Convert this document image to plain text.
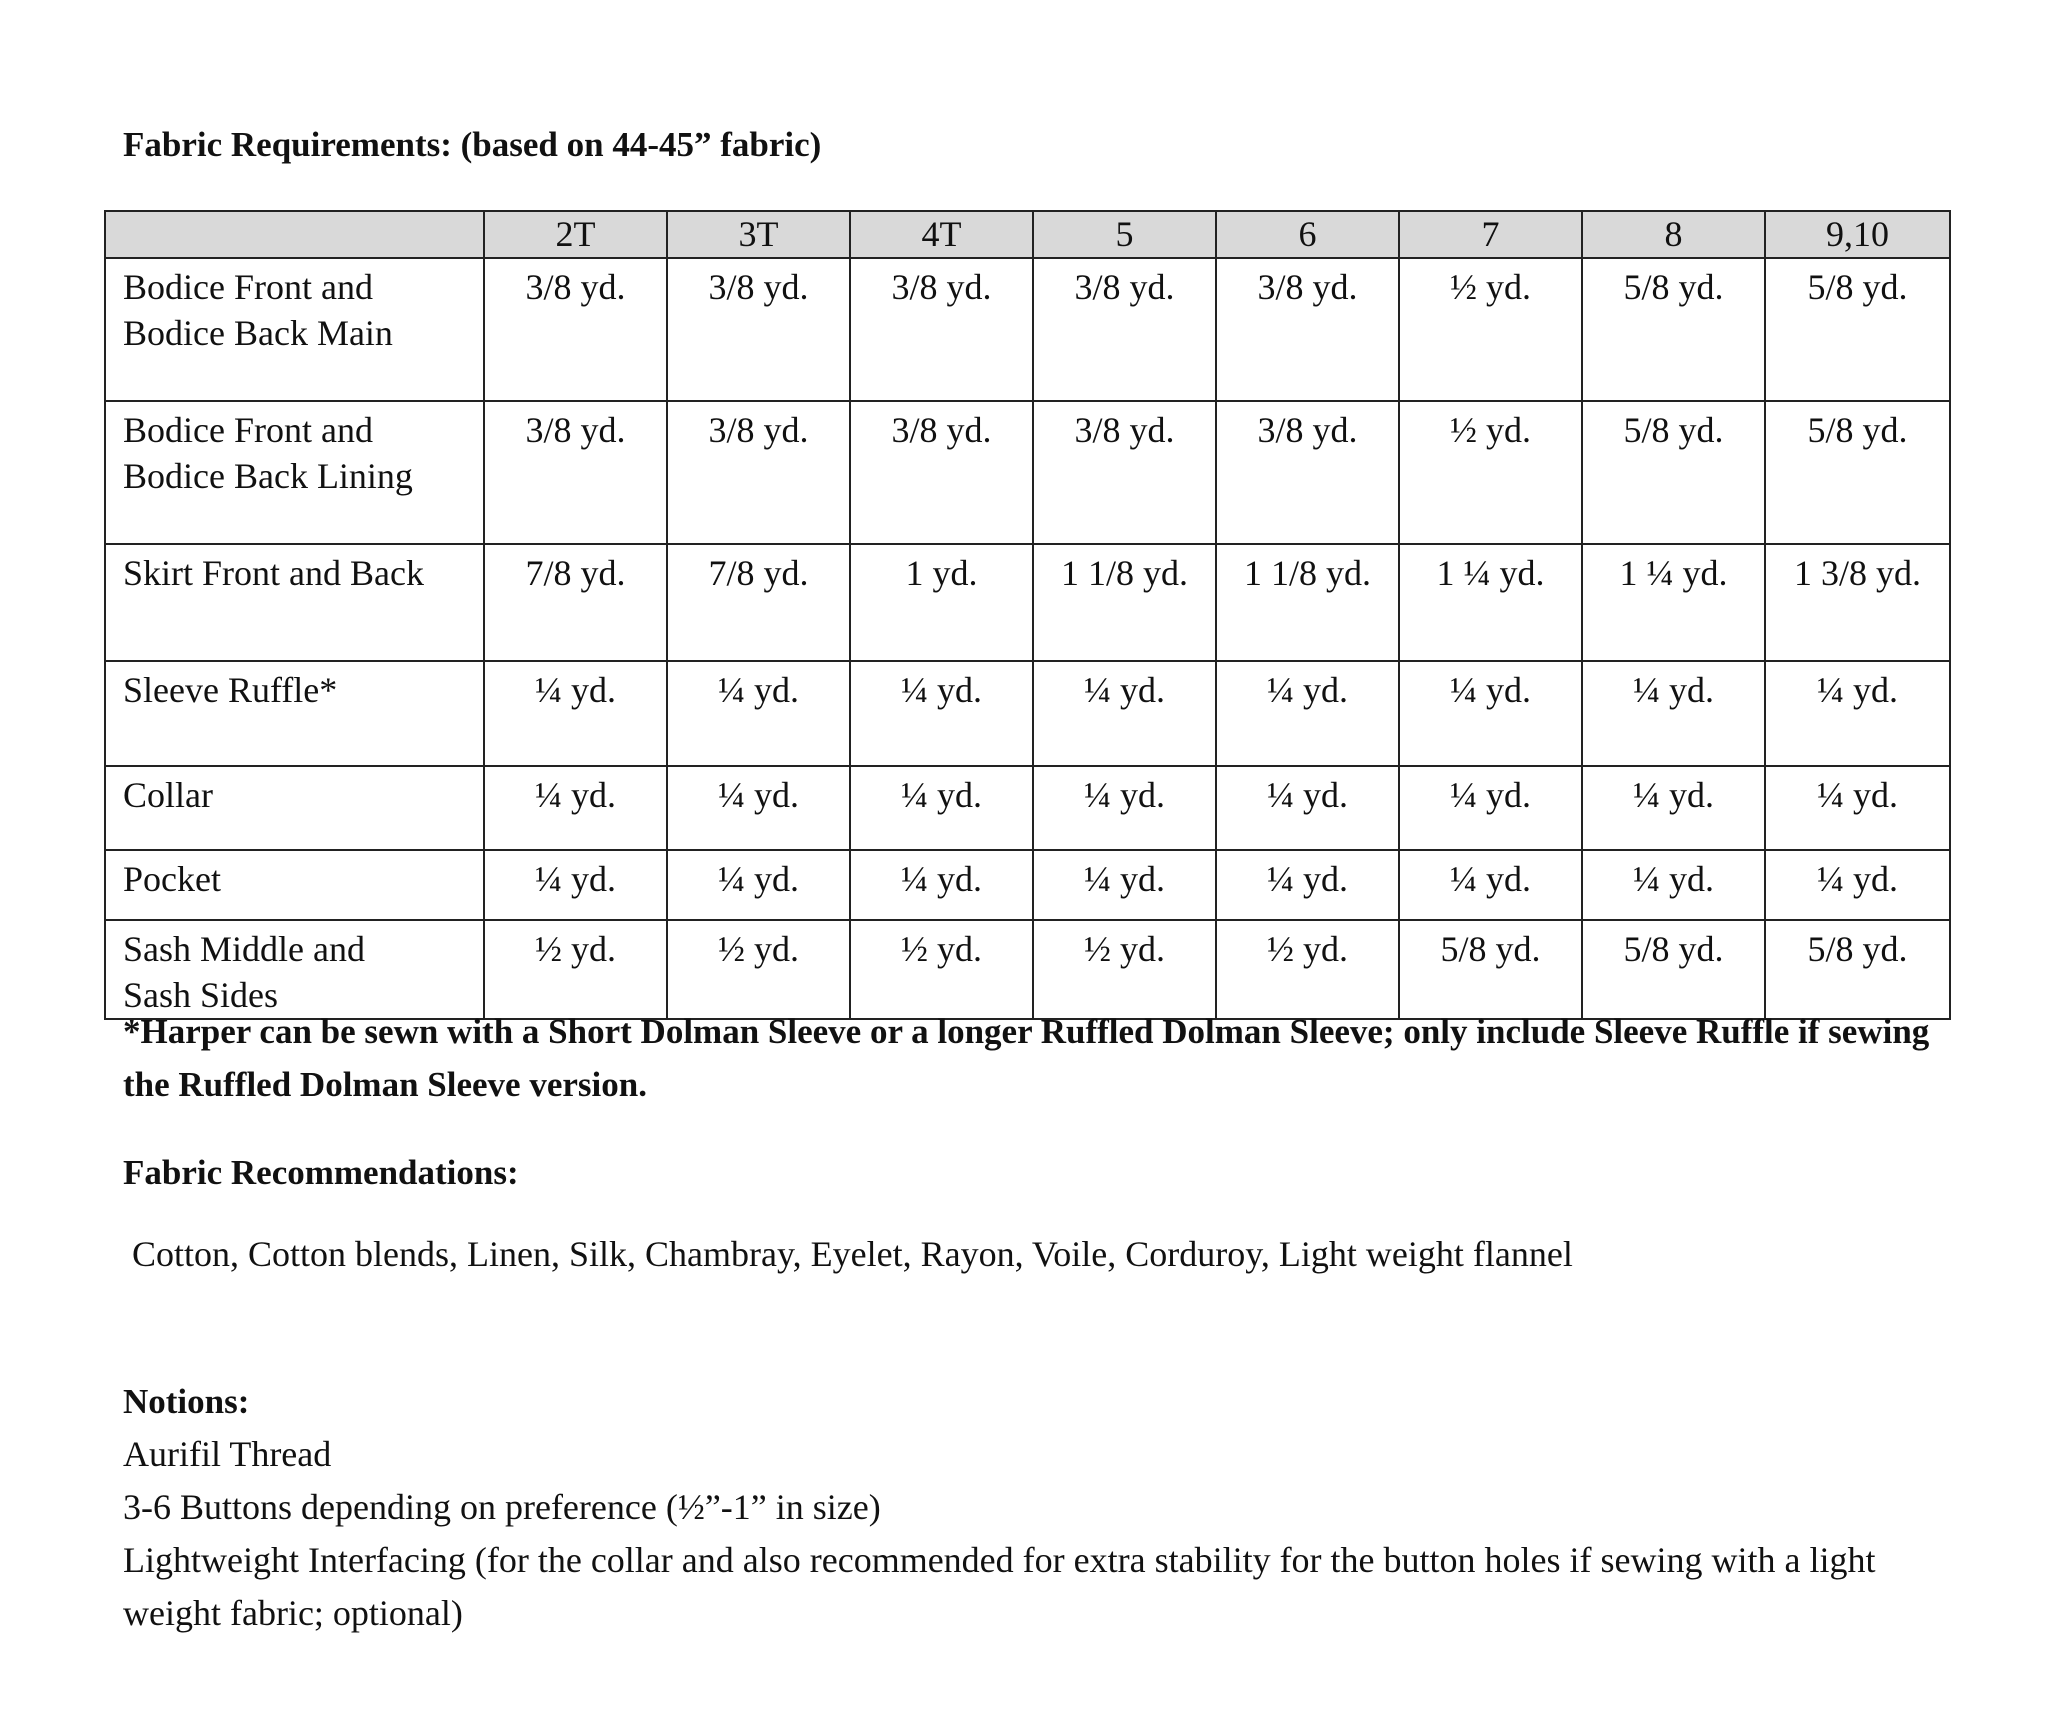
Fabric Requirements: (based on 44-45” fabric)
	2T	3T	4T	5	6	7	8	9,10

Bodice Front and
Bodice Back Main	3/8 yd.	3/8 yd.	3/8 yd.	3/8 yd.	3/8 yd.	½ yd.	5/8 yd.	5/8 yd.

Bodice Front and
Bodice Back Lining	3/8 yd.	3/8 yd.	3/8 yd.	3/8 yd.	3/8 yd.	½ yd.	5/8 yd.	5/8 yd.

Skirt Front and Back	7/8 yd.	7/8 yd.	1 yd.	1 1/8 yd.	1 1/8 yd.	1 ¼ yd.	1 ¼ yd.	1 3/8 yd.

Sleeve Ruffle*	¼ yd.	¼ yd.	¼ yd.	¼ yd.	¼ yd.	¼ yd.	¼ yd.	¼ yd.

Collar	¼ yd.	¼ yd.	¼ yd.	¼ yd.	¼ yd.	¼ yd.	¼ yd.	¼ yd.

Pocket	¼ yd.	¼ yd.	¼ yd.	¼ yd.	¼ yd.	¼ yd.	¼ yd.	¼ yd.

Sash Middle and
Sash Sides	½ yd.	½ yd.	½ yd.	½ yd.	½ yd.	5/8 yd.	5/8 yd.	5/8 yd.
*Harper can be sewn with a Short Dolman Sleeve or a longer Ruffled Dolman Sleeve; only include Sleeve Ruffle if sewing the Ruffled Dolman Sleeve version.
Fabric Recommendations:
Cotton, Cotton blends, Linen, Silk, Chambray, Eyelet, Rayon, Voile, Corduroy, Light weight flannel
Notions:
Aurifil Thread
3-6 Buttons depending on preference (½”-1” in size)
Lightweight Interfacing (for the collar and also recommended for extra stability for the button holes if sewing with a light weight fabric; optional)
